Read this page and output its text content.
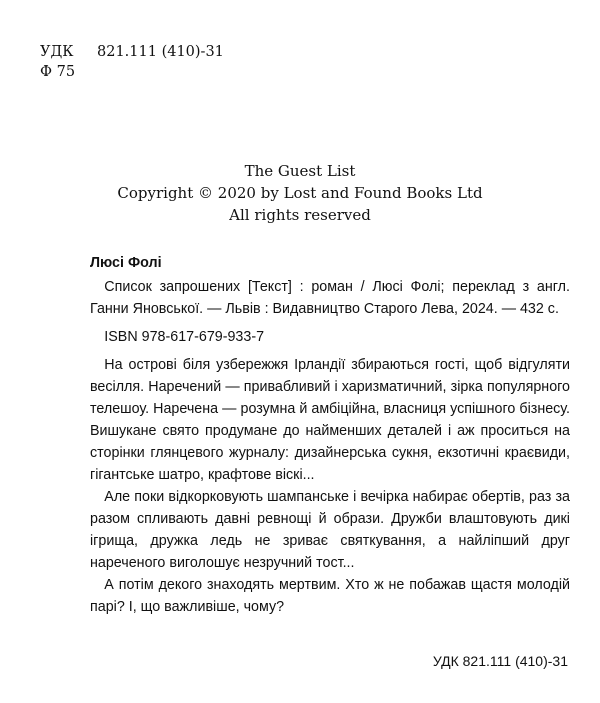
УДК	821.111 (410)-31
Ф 75
The Guest List
Copyright © 2020 by Lost and Found Books Ltd
All rights reserved
Люсі Фолі
Список запрошених [Текст] : роман / Люсі Фолі; переклад з англ. Ганни Яновської. — Львів : Видавництво Старого Лева, 2024. — 432 с.
ISBN 978-617-679-933-7

На острові біля узбережжя Ірландії збираються гості, щоб відгуляти весілля. Наречений — привабливий і харизматичний, зірка популярного телешоу. Наречена — розумна й амбіційна, власниця успішного бізнесу. Вишукане свято продумане до найменших деталей і аж проситься на сторінки глянцевого журналу: дизайнерська сукня, екзотичні краєвиди, гігантське шатро, крафтове віскі...

Але поки відкорковують шампанське і вечірка набирає обертів, раз за разом спливають давні ревнощі й образи. Дружби влаштовують дикі ігрища, дружка ледь не зриває святкування, а найліпший друг нареченого виголошує незручний тост...

А потім декого знаходять мертвим. Хто ж не побажав щастя молодій парі? І, що важливіше, чому?

УДК 821.111 (410)-31
